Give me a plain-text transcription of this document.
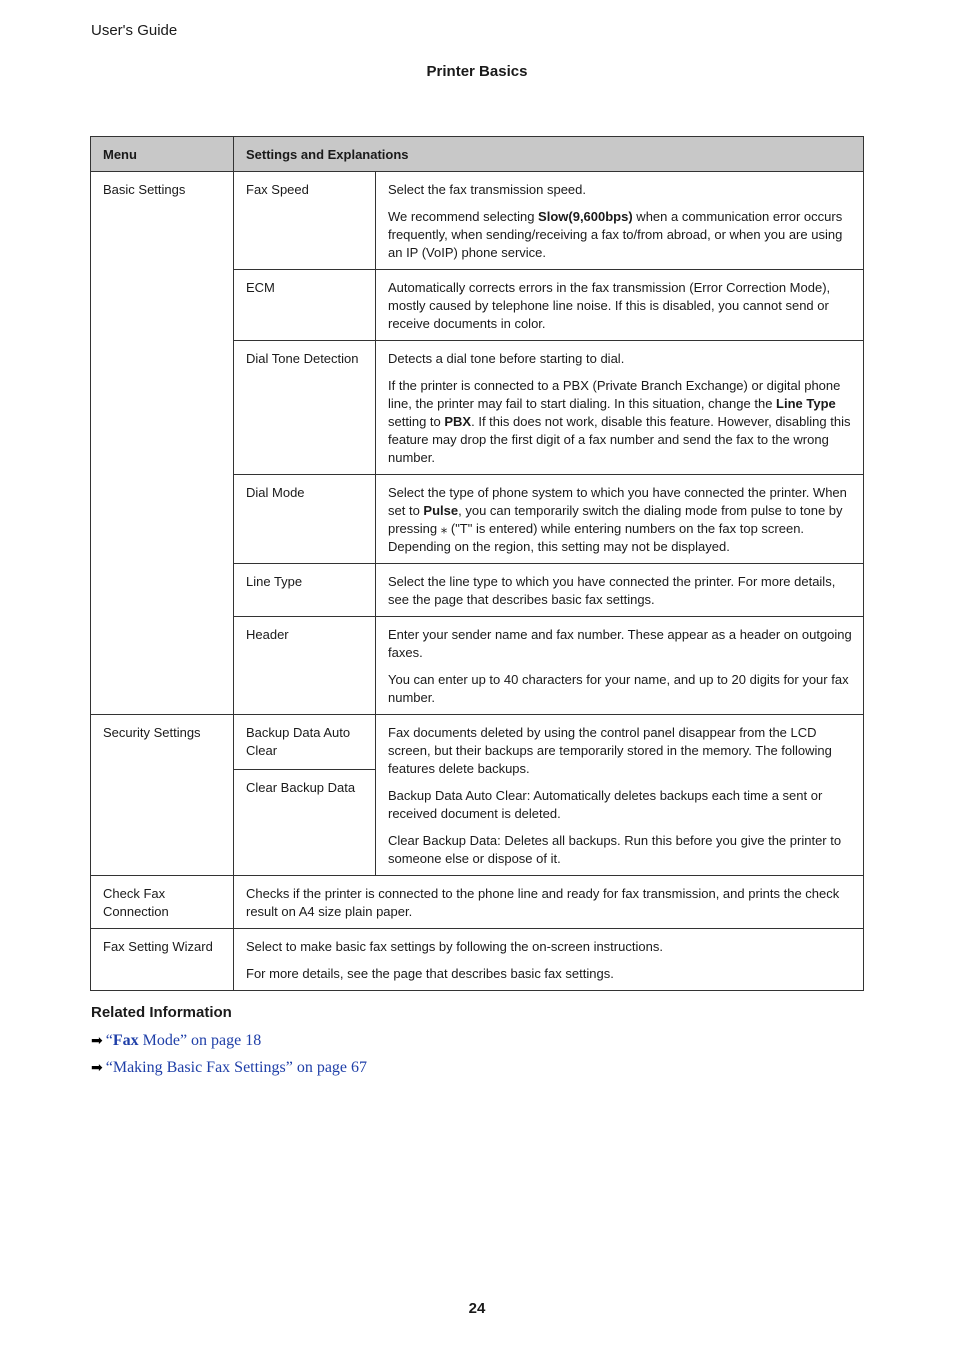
User's Guide
Printer Basics
Menu	Settings and Explanations	
Basic Settings	Fax Speed	Select the fax transmission speed.

We recommend selecting Slow(9,600bps) when a communication error occurs frequently, when sending/receiving a fax to/from abroad, or when you are using an IP (VoIP) phone service.

	ECM	Automatically corrects errors in the fax transmission (Error Correction Mode), mostly caused by telephone line noise. If this is disabled, you cannot send or receive documents in color.

	Dial Tone Detection	Detects a dial tone before starting to dial.

If the printer is connected to a PBX (Private Branch Exchange) or digital phone line, the printer may fail to start dialing. In this situation, change the Line Type setting to PBX. If this does not work, disable this feature. However, disabling this feature may drop the first digit of a fax number and send the fax to the wrong number.

	Dial Mode	Select the type of phone system to which you have connected the printer. When set to Pulse, you can temporarily switch the dialing mode from pulse to tone by pressing ⁎ ("T" is entered) while entering numbers on the fax top screen. Depending on the region, this setting may not be displayed.

	Line Type	Select the line type to which you have connected the printer. For more details, see the page that describes basic fax settings.

	Header	Enter your sender name and fax number. These appear as a header on outgoing faxes.

You can enter up to 40 characters for your name, and up to 20 digits for your fax number.

Security Settings	Backup Data Auto Clear	Fax documents deleted by using the control panel disappear from the LCD screen, but their backups are temporarily stored in the memory. The following features delete backups.

Backup Data Auto Clear: Automatically deletes backups each time a sent or received document is deleted.

Clear Backup Data: Deletes all backups. Run this before you give the printer to someone else or dispose of it.

	Clear Backup Data	
Check Fax Connection	Checks if the printer is connected to the phone line and ready for fax transmission, and prints the check result on A4 size plain paper.	

Fax Setting Wizard	Select to make basic fax settings by following the on-screen instructions.

For more details, see the page that describes basic fax settings.	

Related Information
➡ “Fax Mode” on page 18
➡ “Making Basic Fax Settings” on page 67
24
